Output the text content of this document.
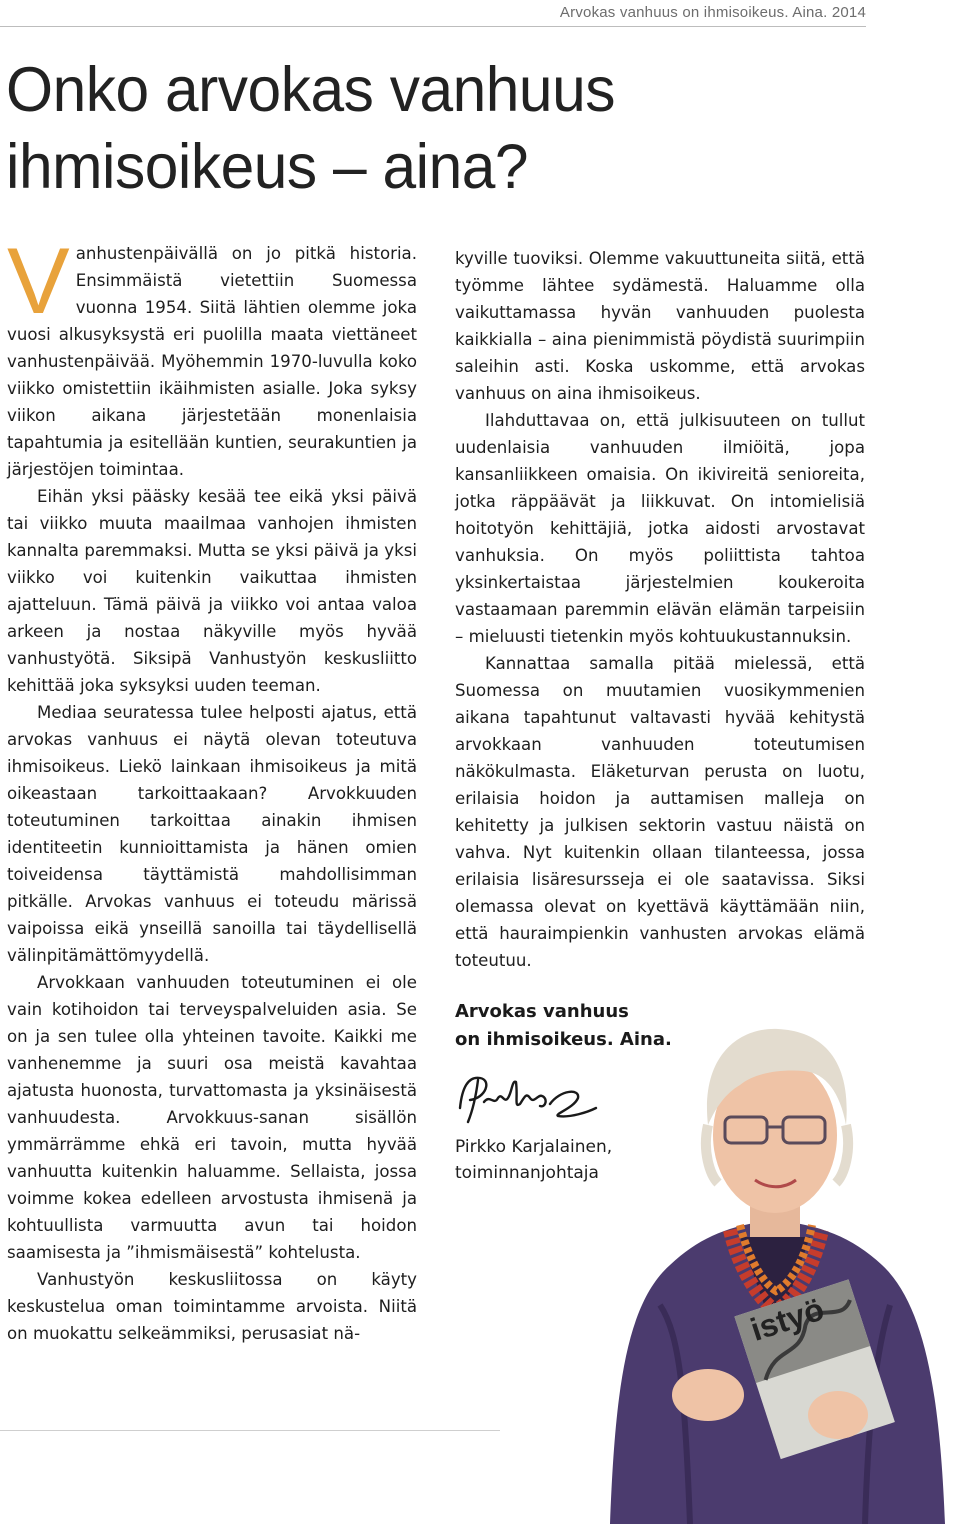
Arvokas vanhuus on ihmisoikeus. Aina. 2014
Onko arvokas vanhuus
ihmisoikeus – aina?

Vanhustenpäivällä on jo pitkä historia. Ensimmäistä vietettiin Suomessa vuonna 1954. Siitä lähtien olemme joka vuosi alkusyksystä eri puolilla maata viettäneet vanhustenpäivää. Myöhemmin 1970-luvulla koko viikko omistettiin ikäihmisten asialle. Joka syksy viikon aikana järjestetään monenlaisia tapahtumia ja esitellään kuntien, seurakuntien ja järjestöjen toimintaa.

Eihän yksi pääsky kesää tee eikä yksi päivä tai viikko muuta maailmaa vanhojen ihmisten kannalta paremmaksi. Mutta se yksi päivä ja yksi viikko voi kuitenkin vaikuttaa ihmisten ajatteluun. Tämä päivä ja viikko voi antaa valoa arkeen ja nostaa näkyville myös hyvää vanhustyötä. Siksipä Vanhustyön keskusliitto kehittää joka syksyksi uuden teeman.

Mediaa seuratessa tulee helposti ajatus, että arvokas vanhuus ei näytä olevan toteutuva ihmisoikeus. Liekö lainkaan ihmisoikeus ja mitä oikeastaan tarkoittaakaan? Arvokkuuden toteutuminen tarkoittaa ainakin ihmisen identiteetin kunnioittamista ja hänen omien toiveidensa täyttämistä mahdollisimman pitkälle. Arvokas vanhuus ei toteudu märissä vaipoissa eikä ynseillä sanoilla tai täydellisellä välinpitämättömyydellä.

Arvokkaan vanhuuden toteutuminen ei ole vain kotihoidon tai terveyspalveluiden asia. Se on ja sen tulee olla yhteinen tavoite. Kaikki me vanhenemme ja suuri osa meistä kavahtaa ajatusta huonosta, turvattomasta ja yksinäisestä vanhuudesta. Arvokkuus-sanan sisällön ymmärrämme ehkä eri tavoin, mutta hyvää vanhuutta kuitenkin haluamme. Sellaista, jossa voimme kokea edelleen arvostusta ihmisenä ja kohtuullista varmuutta avun tai hoidon saamisesta ja ”ihmismäisestä” kohtelusta.

Vanhustyön keskusliitossa on käyty keskustelua oman toimintamme arvoista. Niitä on muokattu selkeämmiksi, perusasiat nä-

kyville tuoviksi. Olemme vakuuttuneita siitä, että työmme lähtee sydämestä. Haluamme olla vaikuttamassa hyvän vanhuuden puolesta kaikkialla – aina pienimmistä pöydistä suurimpiin saleihin asti. Koska uskomme, että arvokas vanhuus on aina ihmisoikeus.

Ilahduttavaa on, että julkisuuteen on tullut uudenlaisia vanhuuden ilmiöitä, jopa kansanliikkeen omaisia. On ikivireitä senioreita, jotka räppäävät ja liikkuvat. On intomielisiä hoitotyön kehittäjiä, jotka aidosti arvostavat vanhuksia. On myös poliittista tahtoa yksinkertaistaa järjestelmien koukeroita vastaamaan paremmin elävän elämän tarpeisiin – mieluusti tietenkin myös kohtuukustannuksin.

Kannattaa samalla pitää mielessä, että Suomessa on muutamien vuosikymmenien aikana tapahtunut valtavasti hyvää kehitystä arvokkaan vanhuuden toteutumisen näkökulmasta. Eläketurvan perusta on luotu, erilaisia hoidon ja auttamisen malleja on kehitetty ja julkisen sektorin vastuu näistä on vahva. Nyt kuitenkin ollaan tilanteessa, jossa erilaisia lisäresursseja ei ole saatavissa. Siksi olemassa olevat on kyettävä käyttämään niin, että hauraimpienkin vanhusten arvokas elämä toteutuu.

Arvokas vanhuus
on ihmisoikeus. Aina.
Pirkko Karjalainen,
toiminnanjohtaja
istyö
